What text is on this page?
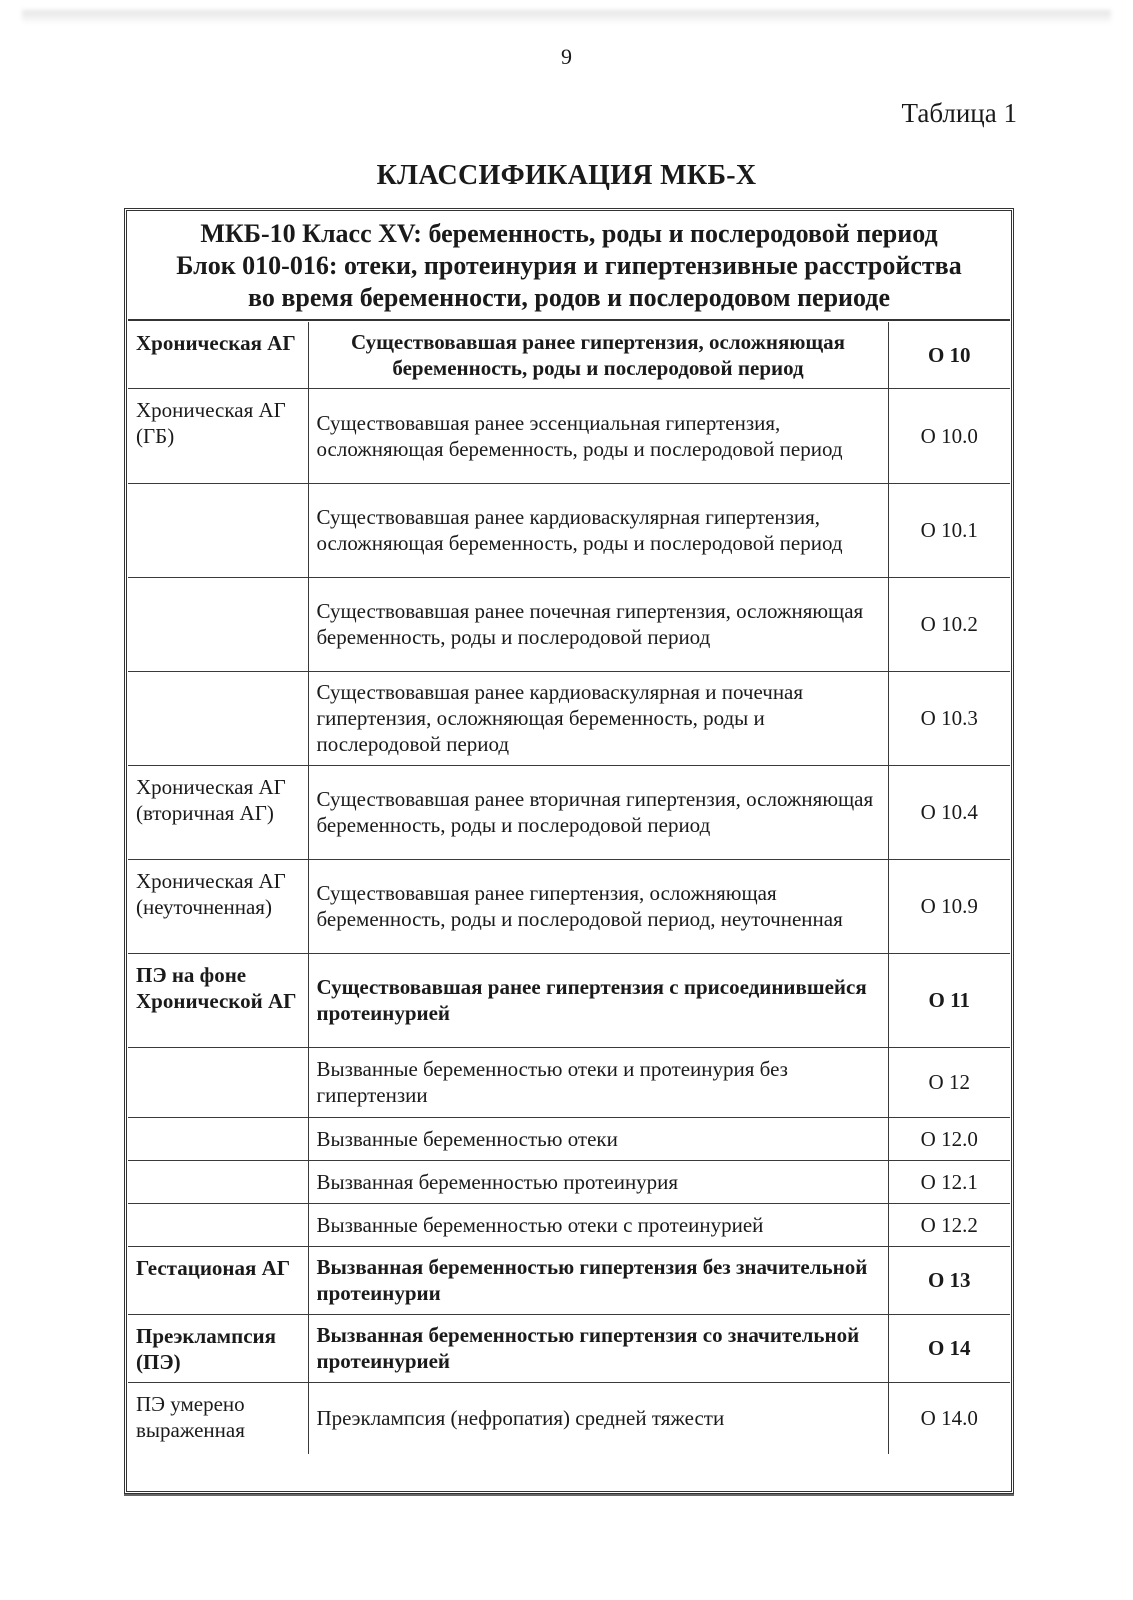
9
Таблица 1
КЛАССИФИКАЦИЯ МКБ-Х
МКБ-10 Класс XV: беременность, роды и послеродовой период
Блок 010-016: отеки, протеинурия и гипертензивные расстройства
во время беременности, родов и послеродовом периоде
Хроническая АГ	Существовавшая ранее гипертензия, осложняющая беременность, роды и послеродовой период	О 10
Хроническая АГ (ГБ)	Существовавшая ранее эссенциальная гипертензия, осложняющая беременность, роды и послеродовой период	О 10.0
	Существовавшая ранее кардиоваскулярная гипертензия, осложняющая беременность, роды и послеродовой период	О 10.1
	Существовавшая ранее почечная гипертензия, осложняющая беременность, роды и послеродовой период	О 10.2
	Существовавшая ранее кардиоваскулярная и почечная гипертензия, осложняющая беременность, роды и послеродовой период	О 10.3
Хроническая АГ (вторичная АГ)	Существовавшая ранее вторичная гипертензия, осложняющая беременность, роды и послеродовой период	О 10.4
Хроническая АГ (неуточненная)	Существовавшая ранее гипертензия, осложняющая беременность, роды и послеродовой период, неуточненная	О 10.9
ПЭ на фоне Хронической АГ	Существовавшая ранее гипертензия с присоединившейся протеинурией	О 11
	Вызванные беременностью отеки и протеинурия без гипертензии	О 12
	Вызванные беременностью отеки	О 12.0
	Вызванная беременностью протеинурия	О 12.1
	Вызванные беременностью отеки с протеинурией	О 12.2
Гестационая АГ	Вызванная беременностью гипертензия без значительной протеинурии	О 13
Преэклампсия (ПЭ)	Вызванная беременностью гипертензия со значительной протеинурией	О 14
ПЭ умерено выраженная	Преэклампсия (нефропатия) средней тяжести	О 14.0
